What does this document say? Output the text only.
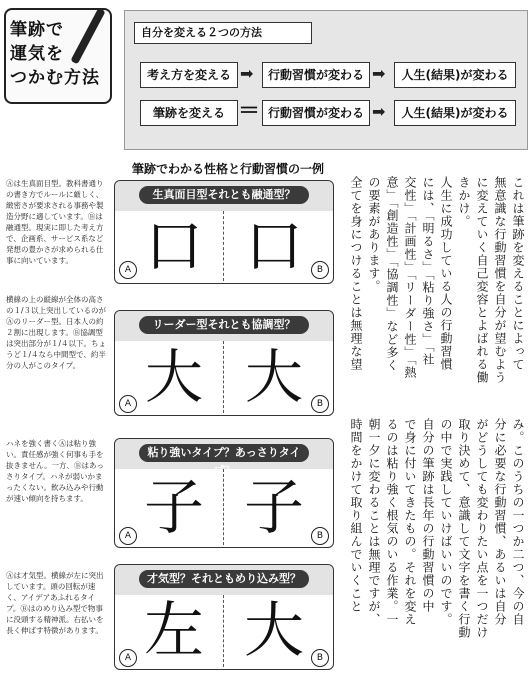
筆跡で
運気を
つかむ方法
自分を変える２つの方法
考え方を変える ➡	行動習慣が変わる ➡	人生(結果)が変わる
筆跡を変える ＝ 行動習慣が変わる ➡	人生(結果)が変わる
筆跡でわかる性格と行動習慣の一例
Ⓐは生真面目型。教科書通りの書き方でルールに厳しく、緻密さが要求される事務や製造分野に適しています。Ⓑは融通型。現実に即した考え方で、企画系、サービス系など発想の豊かさが求められる仕事に向いています。
横線の上の縦線が全体の高さの１/３以上突出しているのがⒶのリーダー型。日本人の約２割に出現します。Ⓑ協調型は突出部分が１/４以下。ちょうど１/４なら中間型で、約半分の人がこのタイプ。
ハネを強く書くⒶは粘り強い。責任感が強く何事も手を抜きません。一方、Ⓑはあっさりタイプ。ハネが弱いかまったくない。飲み込みや行動が速い傾向を持ちます。
Ⓐは才気型。横線が左に突出しています。頭の回転が速く、アイデアあふれるタイプ。Ⓑはのめり込み型で物事に没頭する精神派。右払いを長く伸ばす特徴があります。
生真面目型それとも融通型？
口 口
A	B
リーダー型それとも協調型？
大 大
A	B
粘り強いタイプ？あっさりタイプ？
子 子
A	B
才気型？それともめり込み型？
左 大
A	B
これは筆跡を変えることによって
無意識な行動習慣を自分が望むよう
に変えていく自己変容とよばれる働
きかけ。
人生に成功している人の行動習慣
には、「明るさ」「粘り強さ」「社
交性」「計画性」「リーダー性」「熱
意」「創造性」「協調性」など多く
の要素があります。
全てを身につけることは無理な望
み。このうちの一つか二つ、今の自
分に必要な行動習慣、あるいは自分
がどうしても変わりたい点を一つだけ
取り決めて、意識して文字を書く行動
の中で実践していけばいいのです。
自分の筆跡は長年の行動習慣の中
で身に付いてきたもの。それを変え
るのは粘り強く根気のいる作業。一
朝一夕に変わることは無理ですが、
時間をかけて取り組んでいくこと
